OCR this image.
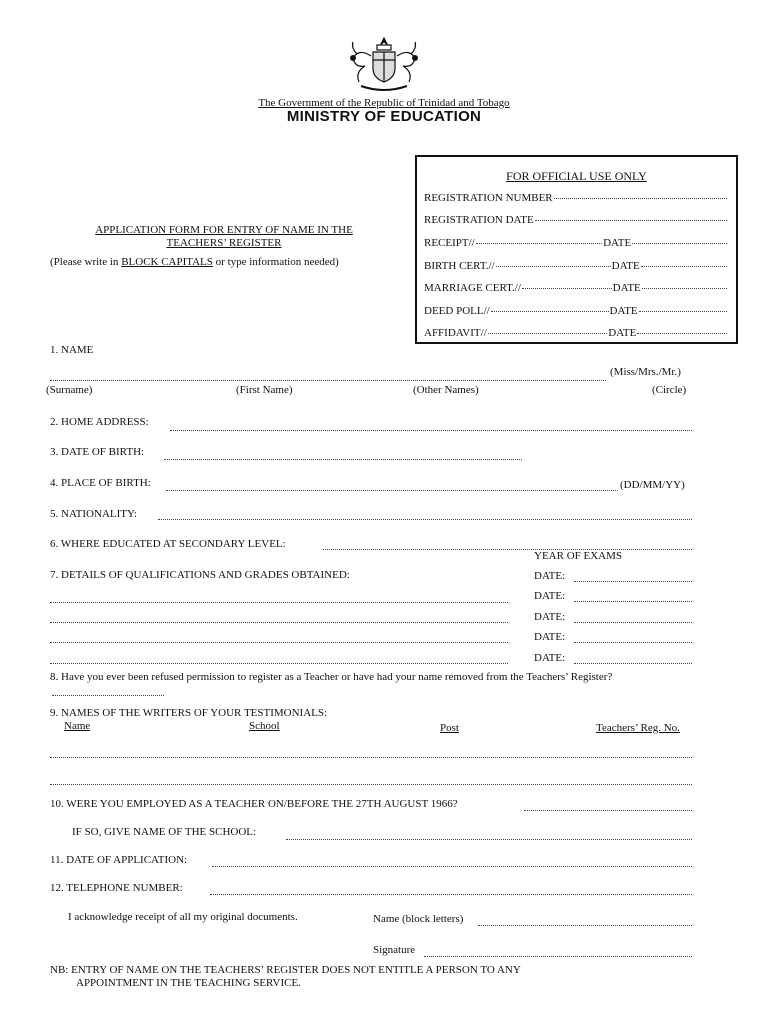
The Government of the Republic of Trinidad and Tobago
MINISTRY OF EDUCATION
FOR OFFICIAL USE ONLY
REGISTRATION NUMBER
REGISTRATION DATE
RECEIPT//	DATE
BIRTH CERT.//	DATE
MARRIAGE CERT.//	DATE
DEED POLL//	DATE
AFFIDAVIT//	DATE
APPLICATION FORM FOR ENTRY OF NAME IN THE
TEACHERS’ REGISTER
(Please write in BLOCK CAPITALS or type information needed)
1. NAME
(Miss/Mrs./Mr.)
(Surname)	(First Name)	(Other Names)	(Circle)
2. HOME ADDRESS:
3. DATE OF BIRTH:
4. PLACE OF BIRTH:	(DD/MM/YY)
5. NATIONALITY:
6. WHERE EDUCATED AT SECONDARY LEVEL:
YEAR OF EXAMS
7. DETAILS OF QUALIFICATIONS AND GRADES OBTAINED:	DATE:
DATE:
DATE:
DATE:
DATE:
8. Have you ever been refused permission to register as a Teacher or have had your name removed from the Teachers’ Register?
9. NAMES OF THE WRITERS OF YOUR TESTIMONIALS:
Name	School	Post	Teachers’ Reg. No.
10. WERE YOU EMPLOYED AS A TEACHER ON/BEFORE THE 27TH AUGUST 1966?
IF SO, GIVE NAME OF THE SCHOOL:
11. DATE OF APPLICATION:
12. TELEPHONE NUMBER:
I acknowledge receipt of all my original documents.	Name (block letters)
Signature
NB: ENTRY OF NAME ON THE TEACHERS’ REGISTER DOES NOT ENTITLE A PERSON TO ANY
APPOINTMENT IN THE TEACHING SERVICE.
